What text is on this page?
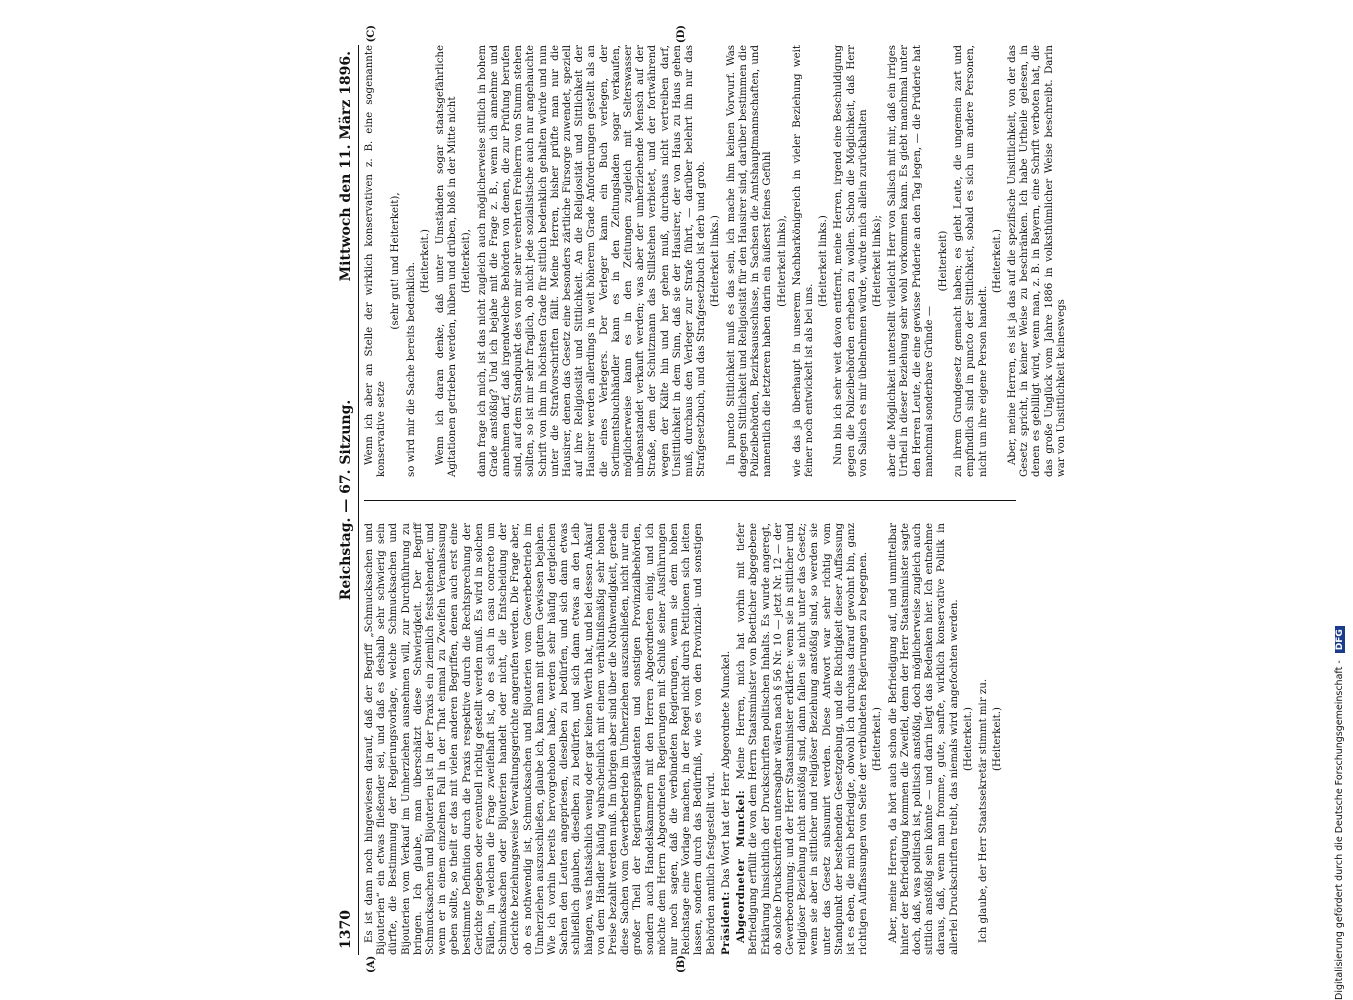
1370
Reichstag. — 67. Sitzung.
Mittwoch den 11. März 1896.
(A)	(B)
(C)	(D)

Es ist dann noch hingewiesen darauf, daß der Begriff „Schmucksachen und Bijouterien“ ein etwas fließender sei, und daß es deshalb sehr schwierig sein dürfte, die Bestimmung der Regierungsvorlage, welche Schmucksachen und Bijouterien vom Verkauf im Umherziehen ausnehmen will, zur Durchführung zu bringen. Ich glaube, man überschätzt diese Schwierigkeit. Der Begriff Schmucksachen und Bijouterien ist in der Praxis ein ziemlich feststehender, und wenn er in einem einzelnen Fall in der That einmal zu Zweifeln Veranlassung geben sollte, so theilt er das mit vielen anderen Begriffen, denen auch erst eine bestimmte Definition durch die Praxis respektive durch die Rechtsprechung der Gerichte gegeben oder eventuell richtig gestellt werden muß. Es wird in solchen Fällen, in welchen die Frage zweifelhaft ist, ob es sich in casu concreto um Schmucksachen oder Bijouterien handelt oder nicht, die Entscheidung der Gerichte beziehungsweise Verwaltungsgerichte angerufen werden. Die Frage aber, ob es nothwendig ist, Schmucksachen und Bijouterien vom Gewerbebetrieb im Umherziehen auszuschließen, glaube ich, kann man mit gutem Gewissen bejahen. Wie ich vorhin bereits hervorgehoben habe, werden sehr häufig dergleichen Sachen den Leuten angepriesen, dieselben zu bedürfen, und sich dann etwas schließlich glauben, dieselben zu bedürfen, und sich dann etwas an den Leib hängen, was thatsächlich wenig oder gar keinen Werth hat, und bei dessen Ankauf von dem Händler häufig wahrscheinlich mit einem verhältnißmäßig sehr hohen Preise bezahlt werden muß. Im übrigen aber sind über die Nothwendigkeit, gerade diese Sachen vom Gewerbebetrieb im Umherziehen auszuschließen, nicht nur ein großer Theil der Regierungspräsidenten und sonstigen Provinzialbehörden, sondern auch Handelskammern mit den Herren Abgeordneten einig, und ich möchte dem Herrn Abgeordneten Regierungen mit Schluß seiner Ausführungen nur noch sagen, daß die verbündeten Regierungen, wenn sie dem hohen Reichstage eine Vorlage machen, in der Regel nicht durch Petitionen sich leiten lassen, sondern durch das Bedürfniß, wie es von den Provinzial- und sonstigen Behörden amtlich festgestellt wird. Präsident: Das Wort hat der Herr Abgeordnete Munckel. Abgeordneter Munckel: Meine Herren, mich hat vorhin mit tiefer Befriedigung erfüllt die von dem Herrn Staatsminister von Boetticher abgegebene Erklärung hinsichtlich der Druckschriften politischen Inhalts. Es wurde angeregt, ob solche Druckschriften untersagbar wären nach § 56 Nr. 10 — jetzt Nr. 12 — der Gewerbeordnung; und der Herr Staatsminister erklärte: wenn sie in sittlicher und religiöser Beziehung nicht anstößig sind, dann fallen sie nicht unter das Gesetz; wenn sie aber in sittlicher und religiöser Beziehung anstößig sind, so werden sie unter das Gesetz subsumirt werden. Diese Antwort war sehr richtig vom Standpunkt der bestehenden Gesetzgebung, und die Richtigkeit dieser Auffassung ist es eben, die mich befriedigte, obwohl ich durchaus darauf gewohnt bin, ganz richtigen Auffassungen von Seite der verbündeten Regierungen zu begegnen. (Heiterkeit.) Aber, meine Herren, da hört auch schon die Befriedigung auf, und unmittelbar hinter der Befriedigung kommen die Zweifel, denn der Herr Staatsminister sagte doch, daß, was politisch ist, politisch anstößig, doch möglicherweise zugleich auch sittlich anstößig sein könnte — und darin liegt das Bedenken hier. Ich entnehme daraus, daß, wenn man fromme, gute, sanfte, wirklich konservative Politik in allerlei Druckschriften treibt, das niemals wird angefochten werden. (Heiterkeit.) Ich glaube, der Herr Staatssekretär stimmt mir zu. (Heiterkeit.)

Wenn ich aber an Stelle der wirklich konservativen z. B. eine sogenannte konservative setze

(sehr gut! und Heiterkeit),

so wird mir die Sache bereits bedenklich.

(Heiterkeit.) Wenn ich daran denke, daß unter Umständen sogar staatsgefährliche Agitationen getrieben werden, hüben und drüben, bloß in der Mitte nicht (Heiterkeit), dann frage ich mich, ist das nicht zugleich auch möglicherweise sittlich in hohem Grade anstößig? Und ich bejahe mit die Frage z. B., wenn ich annehme und annehmen darf, daß irgendwelche Behörden von denen, die zur Prüfung berufen sind, auf dem Standpunkt des von mir sehr verehrten Freiherrn von Stumm stehen sollten, so ist mir sehr fraglich, ob nicht jede sozialistische auch nur angehauchte Schrift von ihm im höchsten Grade für sittlich bedenklich gehalten würde und nun unter die Strafvorschriften fällt. Meine Herren, bisher prüfte man nur die Hausirer, denen das Gesetz eine besonders zärtliche Fürsorge zuwendet, speziell auf ihre Religiosität und Sittlichkeit. An die Religiosität und Sittlichkeit der Hausirer werden allerdings in weit höherem Grade Anforderungen gestellt als an die eines Verlegers. Der Verleger kann ein Buch verlegen, der Sortimentsbuchhändler kann es in den Zeitungsladen sogar verkaufen, möglicherweise kann es in den Zeitungen zugleich mit Selterswasser unbeanstandet verkauft werden; was aber der umherziehende Mensch auf der Straße, dem der Schutzmann das Stillstehen verbietet, und der fortwährend wegen der Kälte hin und her gehen muß, durchaus nicht vertreiben darf, Unsittlichkeit in dem Sinn, daß sie der Hausirer, der von Haus zu Haus gehen muß, durchaus den Verleger zur Strafe führt, — darüber belehrt ihn nur das Strafgesetzbuch, und das Strafgesetzbuch ist derb und grob. (Heiterkeit links.) In puncto Sittlichkeit muß es das sein, ich mache ihm keinen Vorwurf. Was dagegen Sittlichkeit und Religiosität für den Hausirer sind, darüber bestimmen die Polizeibehörden, Bezirksausschüsse, in Sachsen die Amtshauptmannschaften, und namentlich die letzteren haben darin ein äußerst feines Gefühl (Heiterkeit links), wie das ja überhaupt in unserem Nachbarkönigreich in vieler Beziehung weit feiner noch entwickelt ist als bei uns.

(Heiterkeit links.) Nun bin ich sehr weit davon entfernt, meine Herren, irgend eine Beschuldigung gegen die Polizeibehörden erheben zu wollen. Schon die Möglichkeit, daß Herr von Salisch es mir übelnehmen würde, würde mich allein zurückhalten (Heiterkeit links); aber die Möglichkeit unterstellt vielleicht Herr von Salisch mit mir, daß ein irriges Urtheil in dieser Beziehung sehr wohl vorkommen kann. Es giebt manchmal unter den Herren Leute, die eine gewisse Prüderie an den Tag legen, — die Prüderie hat manchmal sonderbare Gründe —

(Heiterkeit) zu ihrem Grundgesetz gemacht haben; es giebt Leute, die ungemein zart und empfindlich sind in puncto der Sittlichkeit, sobald es sich um andere Personen, nicht um ihre eigene Person handelt.

(Heiterkeit.) Aber, meine Herren, es ist ja das auf die spezifische Unsittlichkeit, von der das Gesetz spricht, in keiner Weise zu beschränken. Ich habe Urtheile gelesen, in denen es gebilligt wird, wenn man, z. B. in Bayern, eine Schrift verboten hat, die das große Unglück vom Jahre 1886 in volksthümlicher Weise beschreibt. Darin war von Unsittlichkeit keineswegs

Digitalisierung gefördert durch die Deutsche Forschungsgemeinschaft - DFG
